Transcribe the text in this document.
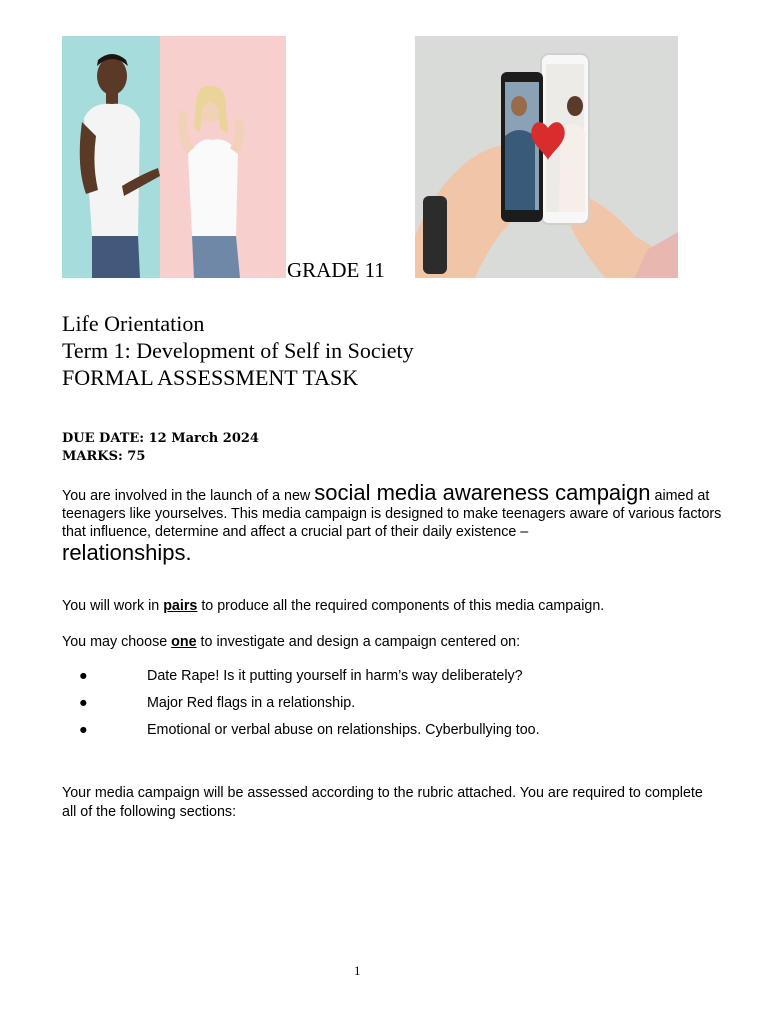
GRADE 11
Life Orientation
Term 1: Development of Self in Society
FORMAL ASSESSMENT TASK
DUE DATE: 12 March 2024
MARKS: 75
You are involved in the launch of a new social media awareness campaign aimed at teenagers like yourselves. This media campaign is designed to make teenagers aware of various factors that influence, determine and affect a crucial part of their daily existence –
relationships.
You will work in pairs to produce all the required components of this media campaign.
You may choose one to investigate and design a campaign centered on:
●	Date Rape! Is it putting yourself in harm’s way deliberately?
●	Major Red flags in a relationship.
●	Emotional or verbal abuse on relationships. Cyberbullying too.
Your media campaign will be assessed according to the rubric attached. You are required to complete all of the following sections:
1
